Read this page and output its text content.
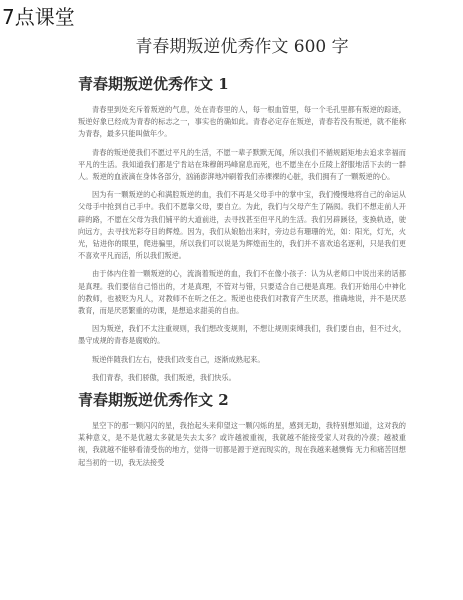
7点课堂
青春期叛逆优秀作文 600 字
青春期叛逆优秀作文 1

青春里到处充斥着叛逆的气息，处在青春里的人，每一根血管里，每一个毛孔里都有叛逆的踪迹，叛逆好象已经成为青春的标志之一，事实也的确如此。青春必定存在叛逆，青春若没有叛逆，就不能称为青春，最多只能叫做年少。

青春的叛逆使我们不愿过平凡的生活，不愿一辈子默默无闻，所以我们不循规蹈矩地去追求幸福而平凡的生活。我知道我们都是宁肯站在珠穆朗玛峰窟息而死，也不愿坐在小丘陵上舒服地活下去的一群人。叛逆的血液滴在身体各部分，汹涌澎湃地冲刷着我们赤裸裸的心脏，我们拥有了一颗叛逆的心。

因为有一颗叛逆的心和满腔叛逆的血，我们不再是父母手中的掌中宝，我们慢慢地将自己的命运从父母手中抢到自己手中。我们不愿靠父母，要自立。为此，我们与父母产生了隔阂。我们不想走前人开辟的路，不愿在父母为我们铺平的大道前进，去寻找甚至但平凡的生活。我们另辟蹊径，变换轨迹，驶向远方，去寻找光彩夺目的辉煌。因为，我们从娘胎出来时，旁边总有珊珊的光，如：阳光，灯光，火光，钻进你的眼里，爬进骗里，所以我们可以说是为辉煌而生的，我们并不喜欢追名逐利，只是我们更不喜欢平凡而活，所以我们叛逆。

由于体内住着一颗叛逆的心，流淌着叛逆的血，我们不在像小孩子：认为从老师口中说出来的话都是真理。我们要信自己悟出的，才是真理，不管对与错，只要适合自己便是真理。我们开始用心中神化的教师，也被贬为凡人，对教师不在听之任之。叛逆也使我们对教育产生厌恶，推确地说，并不是厌恶教育，而是厌恶繁重的功课，是想追求甜美的自由。

因为叛逆，我们不太注重规则，我们想改变规则，不想让规则束缚我们，我们要自由，但不过火，墨守成规的青春是腐败的。

叛逆伴随我们左右，使我们改变自己，逐渐成熟起来。

我们青春，我们骄傲，我们叛逆，我们快乐。

青春期叛逆优秀作文 2

星空下的那一颗闪闪的星，我抬起头来仰望这一颗闪烁的星，感到无助，我特别想知道，这对我的某种意义，是不是优越太多就是失去太多？或许越被重视，我就越不能接受家人对我的冷漠；越被重视，我就越不能够看清受伤的地方，觉得一切都是源于逆而现实的，现在我越来越懊悔 无力和痛苦回想起当初的一切，我无法接受
